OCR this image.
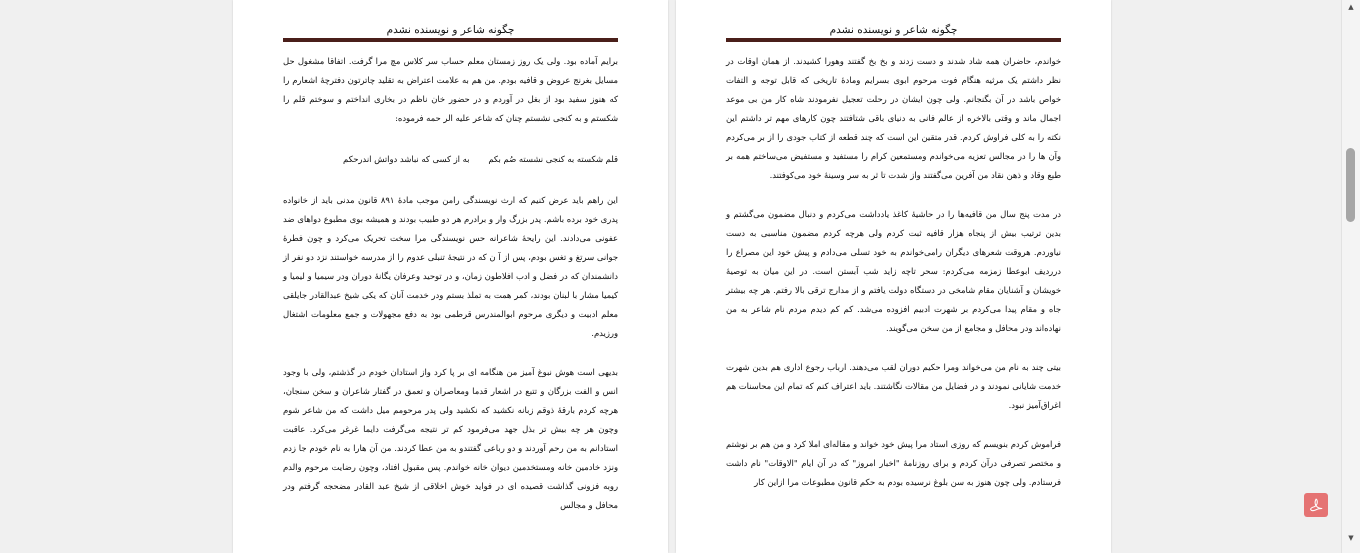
چگونه شاعر و نویسنده نشدم

برایم آماده بود. ولی یک روز زمستان معلم حساب سر کلاس مچ مرا گرفت. اتفاقا مشغول حل مسایل بغرنج عروض و قافیه بودم. من هم به علامت اعتراض به تقلید چاترتون دفترچهٔ اشعارم را که هنوز سفید بود از بغل در آوردم و در حضور خان ناظم در بخاری انداختم و سوختم قلم را شکستم و به کنجی نشستم چنان که شاعر علیه الر حمه فرموده:

قلم شکسته به کنجی نشسته صُم بکم
به از کسی که نباشد دواتش اندرحکم

این راهم باید عرض کنیم که ارث نویسندگی رامن موجب مادهٔ ۸۹۱ قانون مدنی باید از خانواده پدری خود برده باشم. پدر بزرگ وار و برادرم هر دو طبیب بودند و همیشه بوی مطبوع دواهای ضد عفونی می‌دادند. این رایحهٔ شاعرانه حس نویسندگی مرا سخت تحریک می‌کرد و چون فطرهٔ جوانی سرتغ و تغس بودم، پس از آ ن که در نتیجهٔ تنبلی عدوم را از مدرسه خواستند نزد دو نفر از دانشمندان که در فضل و ادب افلاطون زمان، و در توحید وعرفان یگانهٔ دوران ودر سیمیا و لیمیا و کیمیا مشار با لبنان بودند، کمر همت به تملذ بستم ودر خدمت آنان که یکی شیخ عبدالقادر جایلقی معلم ادبیت و دیگری مرحوم ابوالمندرس قرطمی بود به دفع مجهولات و جمع معلومات اشتغال ورزیدم.

بدیهی است هوش نبوغ آمیز من هنگامه ای بر پا کرد واز استادان خودم در گذشتم، ولی با وجود انس و الفت بزرگان و تتبع در اشعار قدما ومعاصران و تعمق در گفتار شاعران و سخن سنجان، هرچه کردم بارقهٔ ذوقم زبانه نکشید که نکشید ولی پدر مرحومم میل داشت که من شاعر شوم وچون هر چه بیش تر بذل جهد می‌فرمود کم تر نتیجه می‌گرفت دایما غرغر می‌کرد. عاقبت استادانم به من رحم آوردند و دو رباعی گفتندو به من عطا کردند. من آن هارا به نام خودم جا زدم ونزد خادمین خانه ومستخدمین دیوان خانه خواندم. پس مقبول افتاد، وچون رضایت مرحوم والدم روبه فزونی گذاشت قصیده ای در فواید خوش اخلاقی از شیخ عبد القادر مضحجه گرفتم ودر محافل و مجالس

چگونه شاعر و نویسنده نشدم

خواندم، حاضران همه شاد شدند و دست زدند و بخ بخ گفتند وهورا کشیدند. از همان اوقات در نظر داشتم یک مرثیه هنگام فوت مرحوم ابوی بسرایم ومادهٔ تاریخی که قابل توجه و التفات خواص باشد در آن بگنجانم. ولی چون ایشان در رحلت تعجیل نفرمودند شاه کار من بی موعد اجمال ماند و وقتی بالاخره از عالم فانی به دنیای باقی شتافتند چون کارهای مهم تر داشتم این نکته را به کلی فراوش کردم. قدر متقین این است که چند قطعه از کتاب جودی را از بر می‌کردم وآن ها را در مجالس تعزیه می‌خواندم ومستمعین کرام را مستفید و مستفیض می‌ساختم همه بر طبع وقاد و ذهن نقاد من آفرین می‌گفتند واز شدت تا ثر به سر وسینهٔ خود می‌کوفتند.

در مدت پنج سال من قافیه‌ها را در حاشیهٔ کاغذ یادداشت می‌کردم و دنبال مضمون می‌گشتم و بدین ترتیب بیش از پنجاه هزار قافیه ثبت کردم ولی هرچه کردم مضمون مناسبی به دست نیاوردم. هروقت شعرهای دیگران رامی‌خواندم به خود تسلی می‌دادم و پیش خود این مصراع را درردیف ابوعطا زمزمه می‌کردم: سحر تاچه زاید شب آبستن است. در این میان به توصیهٔ خویشان و آشنایان مقام شامخی در دستگاه دولت یافتم و از مدارج ترقی بالا رفتم. هر چه بیشتر جاه و مقام پیدا می‌کردم بر شهرت ادبیم افزوده می‌شد. کم کم دیدم مردم نام شاعر به من نهاده‌اند ودر محافل و مجامع از من سخن می‌گویند.

بیتی چند به نام من می‌خواند ومرا حکیم دوران لقب می‌دهند. ارباب رجوع اداری هم بدین شهرت خدمت شایانی نمودند و در فضایل من مقالات نگاشتند. باید اعتراف کنم که تمام این محاسنات هم اغراق‌آمیز نبود.

فراموش کردم بنویسم که روزی استاد مرا پیش خود خواند و مقاله‌ای املا کرد و من هم بر نوشتم و مختصر تصرفی درآن کردم و برای روزنامهٔ "اخبار امروز" که در آن ایام "الاوقات" نام داشت فرستادم. ولی چون هنوز به سن بلوغ نرسیده بودم به حکم قانون مطبوعات مرا ازاین کار

▲
▼
